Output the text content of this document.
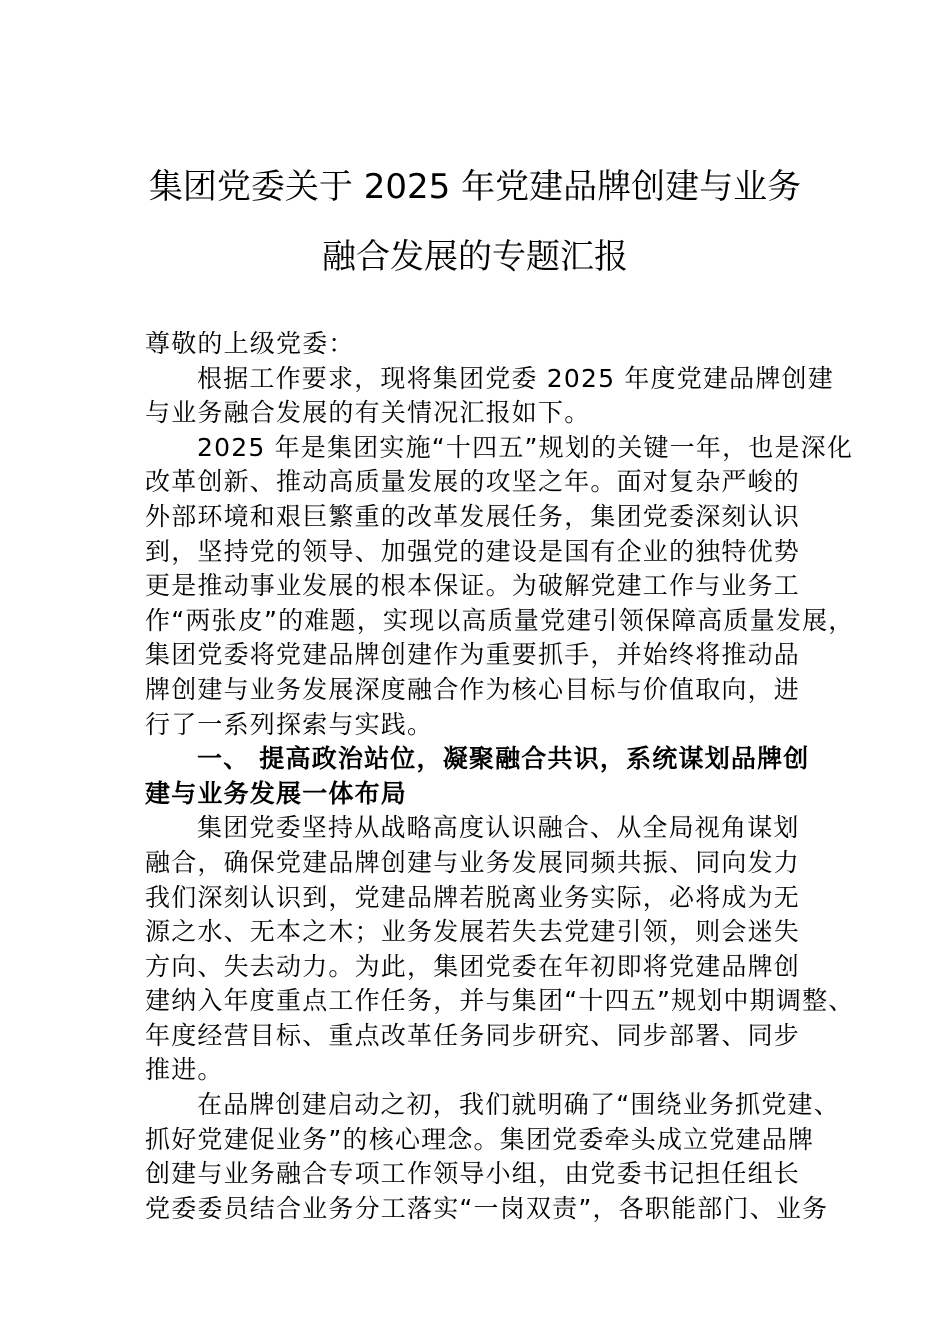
集团党委关于 2025 年党建品牌创建与业务
融合发展的专题汇报
尊敬的上级党委：
根据工作要求，现将集团党委 2025 年度党建品牌创建
与业务融合发展的有关情况汇报如下。
2025 年是集团实施“十四五”规划的关键一年，也是深化
改革创新、推动高质量发展的攻坚之年。面对复杂严峻的
外部环境和艰巨繁重的改革发展任务，集团党委深刻认识
到，坚持党的领导、加强党的建设是国有企业的独特优势
更是推动事业发展的根本保证。为破解党建工作与业务工
作“两张皮”的难题，实现以高质量党建引领保障高质量发展，
集团党委将党建品牌创建作为重要抓手，并始终将推动品
牌创建与业务发展深度融合作为核心目标与价值取向，进
行了一系列探索与实践。
一、 提高政治站位，凝聚融合共识，系统谋划品牌创
建与业务发展一体布局
集团党委坚持从战略高度认识融合、从全局视角谋划
融合，确保党建品牌创建与业务发展同频共振、同向发力
我们深刻认识到，党建品牌若脱离业务实际，必将成为无
源之水、无本之木；业务发展若失去党建引领，则会迷失
方向、失去动力。为此，集团党委在年初即将党建品牌创
建纳入年度重点工作任务，并与集团“十四五”规划中期调整、
年度经营目标、重点改革任务同步研究、同步部署、同步
推进。
在品牌创建启动之初，我们就明确了“围绕业务抓党建、
抓好党建促业务”的核心理念。集团党委牵头成立党建品牌
创建与业务融合专项工作领导小组，由党委书记担任组长
党委委员结合业务分工落实“一岗双责”，各职能部门、业务
